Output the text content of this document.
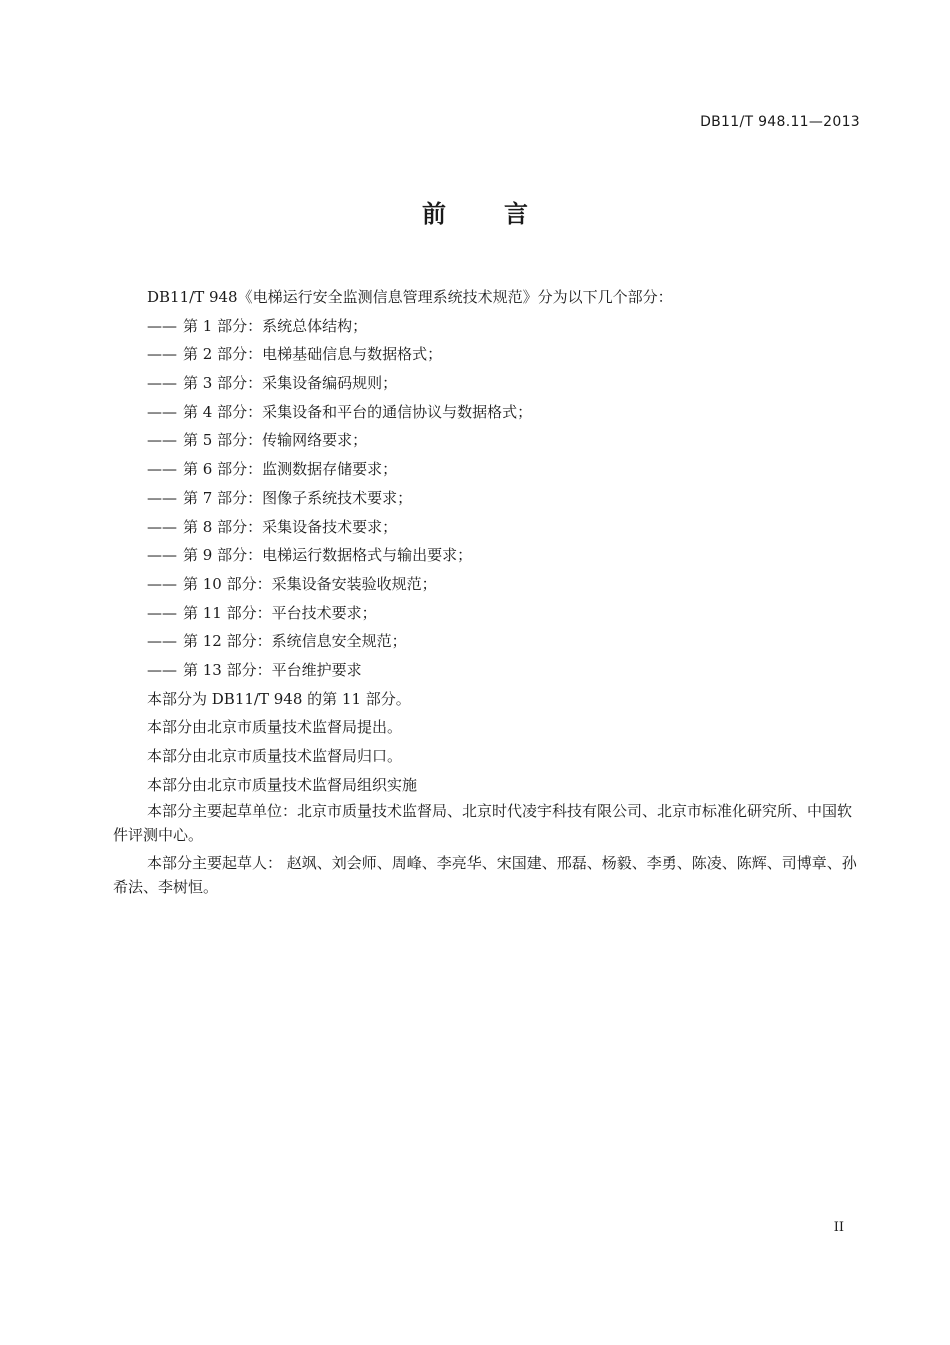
DB11/T 948.11—2013
前 言
DB11/T 948《电梯运行安全监测信息管理系统技术规范》分为以下几个部分：
—— 第 1 部分：系统总体结构；
—— 第 2 部分：电梯基础信息与数据格式；
—— 第 3 部分：采集设备编码规则；
—— 第 4 部分：采集设备和平台的通信协议与数据格式；
—— 第 5 部分：传输网络要求；
—— 第 6 部分：监测数据存储要求；
—— 第 7 部分：图像子系统技术要求；
—— 第 8 部分：采集设备技术要求；
—— 第 9 部分：电梯运行数据格式与输出要求；
—— 第 10 部分：采集设备安装验收规范；
—— 第 11 部分：平台技术要求；
—— 第 12 部分：系统信息安全规范；
—— 第 13 部分：平台维护要求
本部分为 DB11/T 948 的第 11 部分。
本部分由北京市质量技术监督局提出。
本部分由北京市质量技术监督局归口。
本部分由北京市质量技术监督局组织实施
本部分主要起草单位：北京市质量技术监督局、北京时代凌宇科技有限公司、北京市标准化研究所、中国软件评测中心。
本部分主要起草人： 赵飒、刘会师、周峰、李亮华、宋国建、邢磊、杨毅、李勇、陈凌、陈辉、司博章、孙希法、李树恒。
II
